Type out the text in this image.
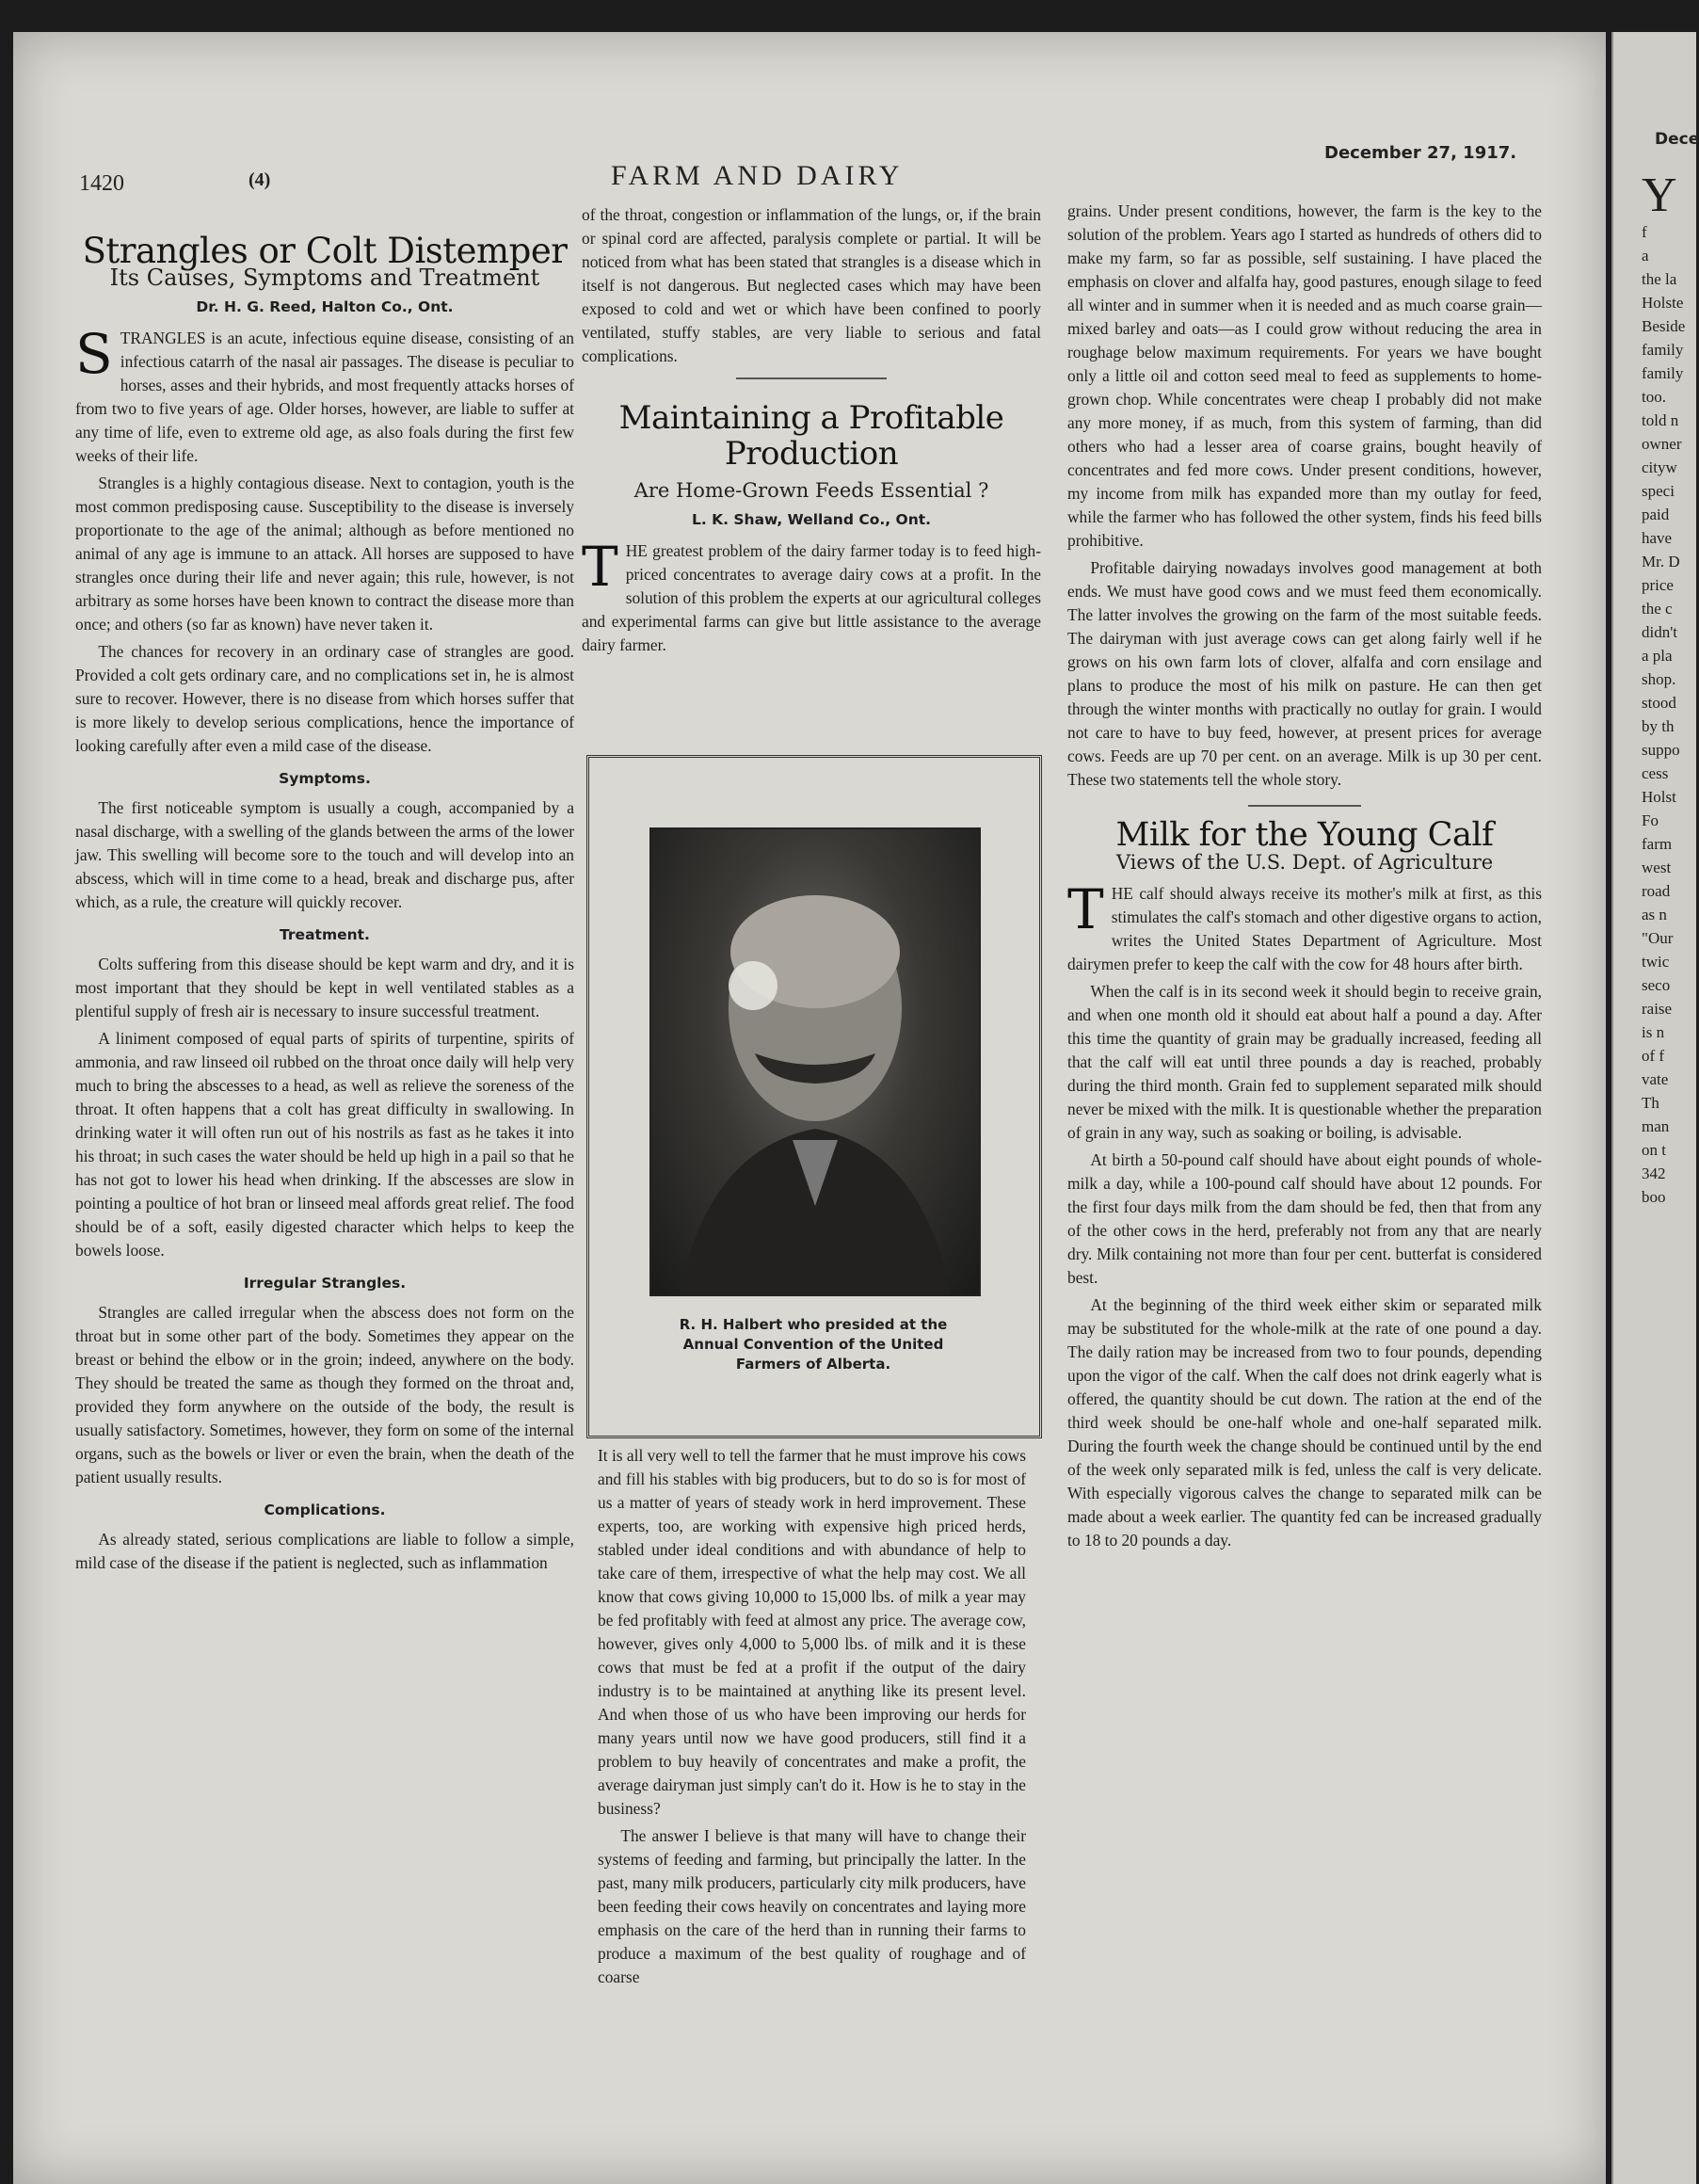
1420	(4)	FARM AND DAIRY
December 27, 1917.
Strangles or Colt Distemper
Its Causes, Symptoms and Treatment
Dr. H. G. Reed, Halton Co., Ont.

S TRANGLES is an acute, infectious equine disease, consisting of an infectious catarrh of the nasal air passages. The disease is peculiar to horses, asses and their hybrids, and most frequently attacks horses of from two to five years of age. Older horses, however, are liable to suffer at any time of life, even to extreme old age, as also foals during the first few weeks of their life.

Strangles is a highly contagious disease. Next to contagion, youth is the most common predisposing cause. Susceptibility to the disease is inversely proportionate to the age of the animal; although as before mentioned no animal of any age is immune to an attack. All horses are supposed to have strangles once during their life and never again; this rule, however, is not arbitrary as some horses have been known to contract the disease more than once; and others (so far as known) have never taken it.

The chances for recovery in an ordinary case of strangles are good. Provided a colt gets ordinary care, and no complications set in, he is almost sure to recover. However, there is no disease from which horses suffer that is more likely to develop serious complications, hence the importance of looking carefully after even a mild case of the disease.

Symptoms.

The first noticeable symptom is usually a cough, accompanied by a nasal discharge, with a swelling of the glands between the arms of the lower jaw. This swelling will become sore to the touch and will develop into an abscess, which will in time come to a head, break and discharge pus, after which, as a rule, the creature will quickly recover.

Treatment.

Colts suffering from this disease should be kept warm and dry, and it is most important that they should be kept in well ventilated stables as a plentiful supply of fresh air is necessary to insure successful treatment.

A liniment composed of equal parts of spirits of turpentine, spirits of ammonia, and raw linseed oil rubbed on the throat once daily will help very much to bring the abscesses to a head, as well as relieve the soreness of the throat. It often happens that a colt has great difficulty in swallowing. In drinking water it will often run out of his nostrils as fast as he takes it into his throat; in such cases the water should be held up high in a pail so that he has not got to lower his head when drinking. If the abscesses are slow in pointing a poultice of hot bran or linseed meal affords great relief. The food should be of a soft, easily digested character which helps to keep the bowels loose.

Irregular Strangles.

Strangles are called irregular when the abscess does not form on the throat but in some other part of the body. Sometimes they appear on the breast or behind the elbow or in the groin; indeed, anywhere on the body. They should be treated the same as though they formed on the throat and, provided they form anywhere on the outside of the body, the result is usually satisfactory. Sometimes, however, they form on some of the internal organs, such as the bowels or liver or even the brain, when the death of the patient usually results.

Complications.

As already stated, serious complications are liable to follow a simple, mild case of the disease if the patient is neglected, such as inflammation

of the throat, congestion or inflammation of the lungs, or, if the brain or spinal cord are affected, paralysis complete or partial. It will be noticed from what has been stated that strangles is a disease which in itself is not dangerous. But neglected cases which may have been exposed to cold and wet or which have been confined to poorly ventilated, stuffy stables, are very liable to serious and fatal complications.

Maintaining a Profitable
Production
Are Home-Grown Feeds Essential ?
L. K. Shaw, Welland Co., Ont.

T HE greatest problem of the dairy farmer today is to feed high-priced concentrates to average dairy cows at a profit. In the solution of this problem the experts at our agricultural colleges and experimental farms can give but little assistance to the average dairy farmer.

R. H. Halbert who presided at the Annual Convention of the United Farmers of Alberta.

It is all very well to tell the farmer that he must improve his cows and fill his stables with big producers, but to do so is for most of us a matter of years of steady work in herd improvement. These experts, too, are working with expensive high priced herds, stabled under ideal conditions and with abundance of help to take care of them, irrespective of what the help may cost. We all know that cows giving 10,000 to 15,000 lbs. of milk a year may be fed profitably with feed at almost any price. The average cow, however, gives only 4,000 to 5,000 lbs. of milk and it is these cows that must be fed at a profit if the output of the dairy industry is to be maintained at anything like its present level. And when those of us who have been improving our herds for many years until now we have good producers, still find it a problem to buy heavily of concentrates and make a profit, the average dairyman just simply can't do it. How is he to stay in the business?

The answer I believe is that many will have to change their systems of feeding and farming, but principally the latter. In the past, many milk producers, particularly city milk producers, have been feeding their cows heavily on concentrates and laying more emphasis on the care of the herd than in running their farms to produce a maximum of the best quality of roughage and of coarse

grains. Under present conditions, however, the farm is the key to the solution of the problem. Years ago I started as hundreds of others did to make my farm, so far as possible, self sustaining. I have placed the emphasis on clover and alfalfa hay, good pastures, enough silage to feed all winter and in summer when it is needed and as much coarse grain—mixed barley and oats—as I could grow without reducing the area in roughage below maximum requirements. For years we have bought only a little oil and cotton seed meal to feed as supplements to home-grown chop. While concentrates were cheap I probably did not make any more money, if as much, from this system of farming, than did others who had a lesser area of coarse grains, bought heavily of concentrates and fed more cows. Under present conditions, however, my income from milk has expanded more than my outlay for feed, while the farmer who has followed the other system, finds his feed bills prohibitive.

Profitable dairying nowadays involves good management at both ends. We must have good cows and we must feed them economically. The latter involves the growing on the farm of the most suitable feeds. The dairyman with just average cows can get along fairly well if he grows on his own farm lots of clover, alfalfa and corn ensilage and plans to produce the most of his milk on pasture. He can then get through the winter months with practically no outlay for grain. I would not care to have to buy feed, however, at present prices for average cows. Feeds are up 70 per cent. on an average. Milk is up 30 per cent. These two statements tell the whole story.

Milk for the Young Calf
Views of the U.S. Dept. of Agriculture

T HE calf should always receive its mother's milk at first, as this stimulates the calf's stomach and other digestive organs to action, writes the United States Department of Agriculture. Most dairymen prefer to keep the calf with the cow for 48 hours after birth.

When the calf is in its second week it should begin to receive grain, and when one month old it should eat about half a pound a day. After this time the quantity of grain may be gradually increased, feeding all that the calf will eat until three pounds a day is reached, probably during the third month. Grain fed to supplement separated milk should never be mixed with the milk. It is questionable whether the preparation of grain in any way, such as soaking or boiling, is advisable.

At birth a 50-pound calf should have about eight pounds of whole-milk a day, while a 100-pound calf should have about 12 pounds. For the first four days milk from the dam should be fed, then that from any of the other cows in the herd, preferably not from any that are nearly dry. Milk containing not more than four per cent. butterfat is considered best.

At the beginning of the third week either skim or separated milk may be substituted for the whole-milk at the rate of one pound a day. The daily ration may be increased from two to four pounds, depending upon the vigor of the calf. When the calf does not drink eagerly what is offered, the quantity should be cut down. The ration at the end of the third week should be one-half whole and one-half separated milk. During the fourth week the change should be continued until by the end of the week only separated milk is fed, unless the calf is very delicate. With especially vigorous calves the change to separated milk can be made about a week earlier. The quantity fed can be increased gradually to 18 to 20 pounds a day.

Dece
Y
f
a
the la
Holste
Beside
family
family
too.
told n
owner
cityw
speci
paid
have
Mr. D
price
the c
didn't
a pla
shop.
stood
by th
suppo
cess
Holst
Fo
farm
west
road
as n
"Our
twic
seco
raise
is n
of f
vate
Th
man
on t
342
boo
